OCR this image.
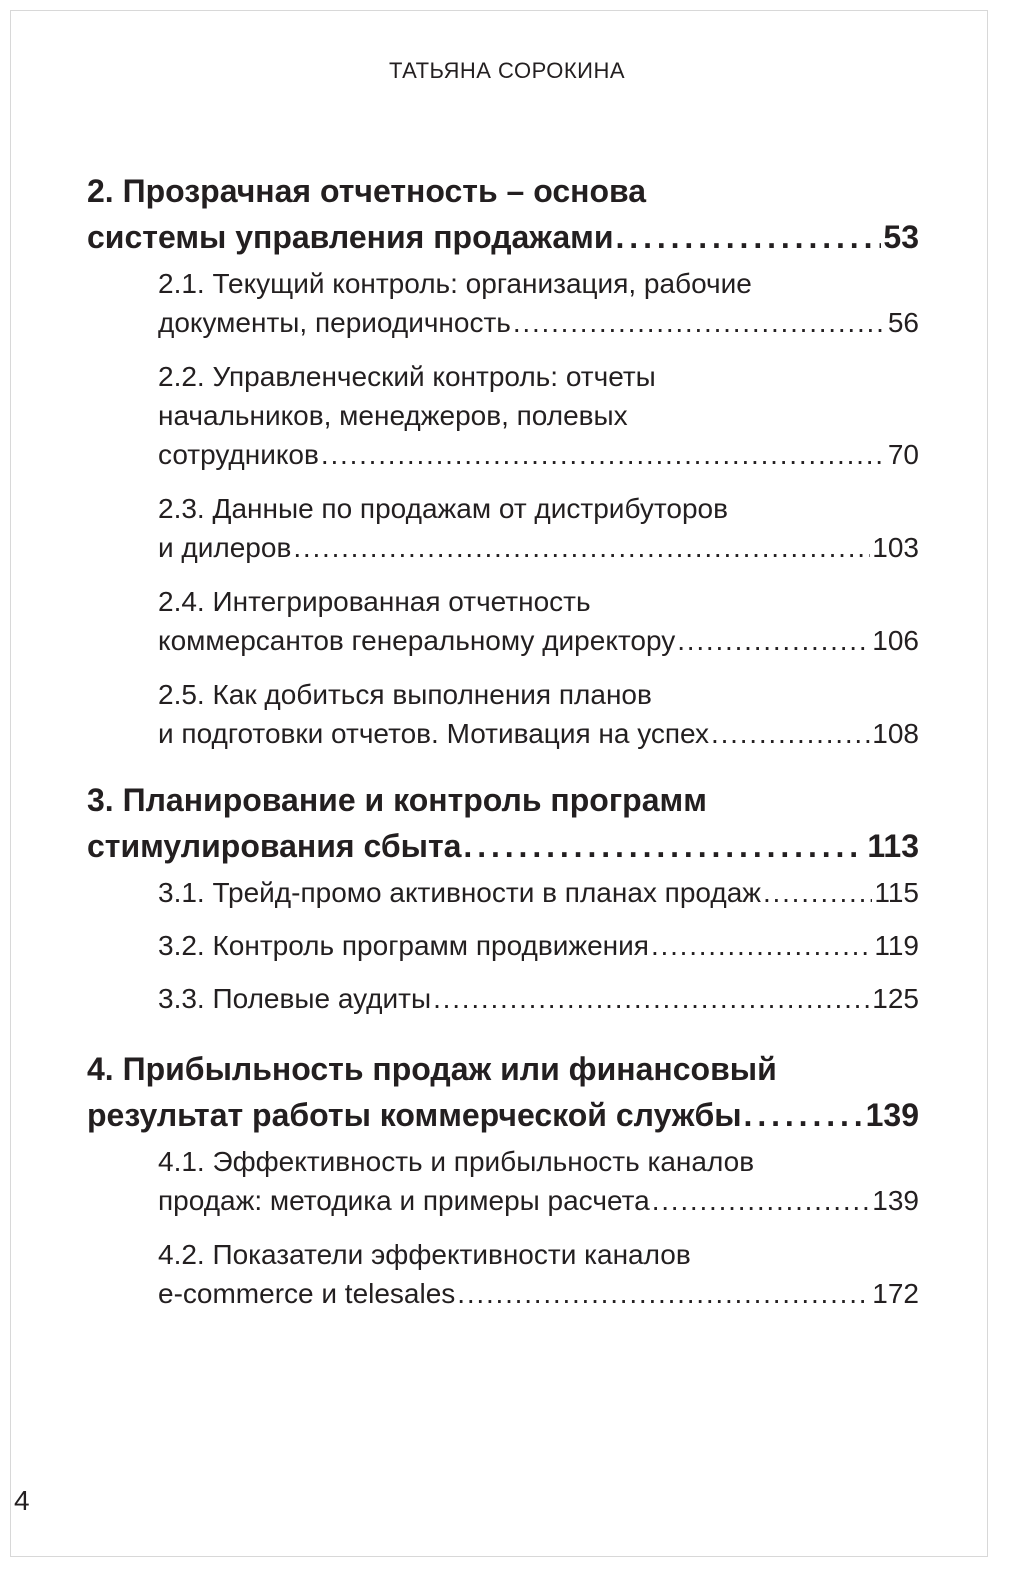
ТАТЬЯНА СОРОКИНА
2. Прозрачная отчетность – основа
системы управления продажами . . .	53
2.1. Текущий контроль: организация, рабочие
документы, периодичность . . .	56
2.2. Управленческий контроль: отчеты
начальников, менеджеров, полевых
сотрудников . . .	70
2.3. Данные по продажам от дистрибуторов
и дилеров . . .	103
2.4. Интегрированная отчетность
коммерсантов генеральному директору . . .	106
2.5. Как добиться выполнения планов
и подготовки отчетов. Мотивация на успех . . .	108
3. Планирование и контроль программ
стимулирования сбыта . . .	113
3.1. Трейд-промо активности в планах продаж . . .	115
3.2. Контроль программ продвижения . . .	119
3.3. Полевые аудиты . . .	125
4. Прибыльность продаж или финансовый
результат работы коммерческой службы . . .	139
4.1. Эффективность и прибыльность каналов
продаж: методика и примеры расчета . . .	139
4.2. Показатели эффективности каналов
e-commerce и telesales . . .	172
4
